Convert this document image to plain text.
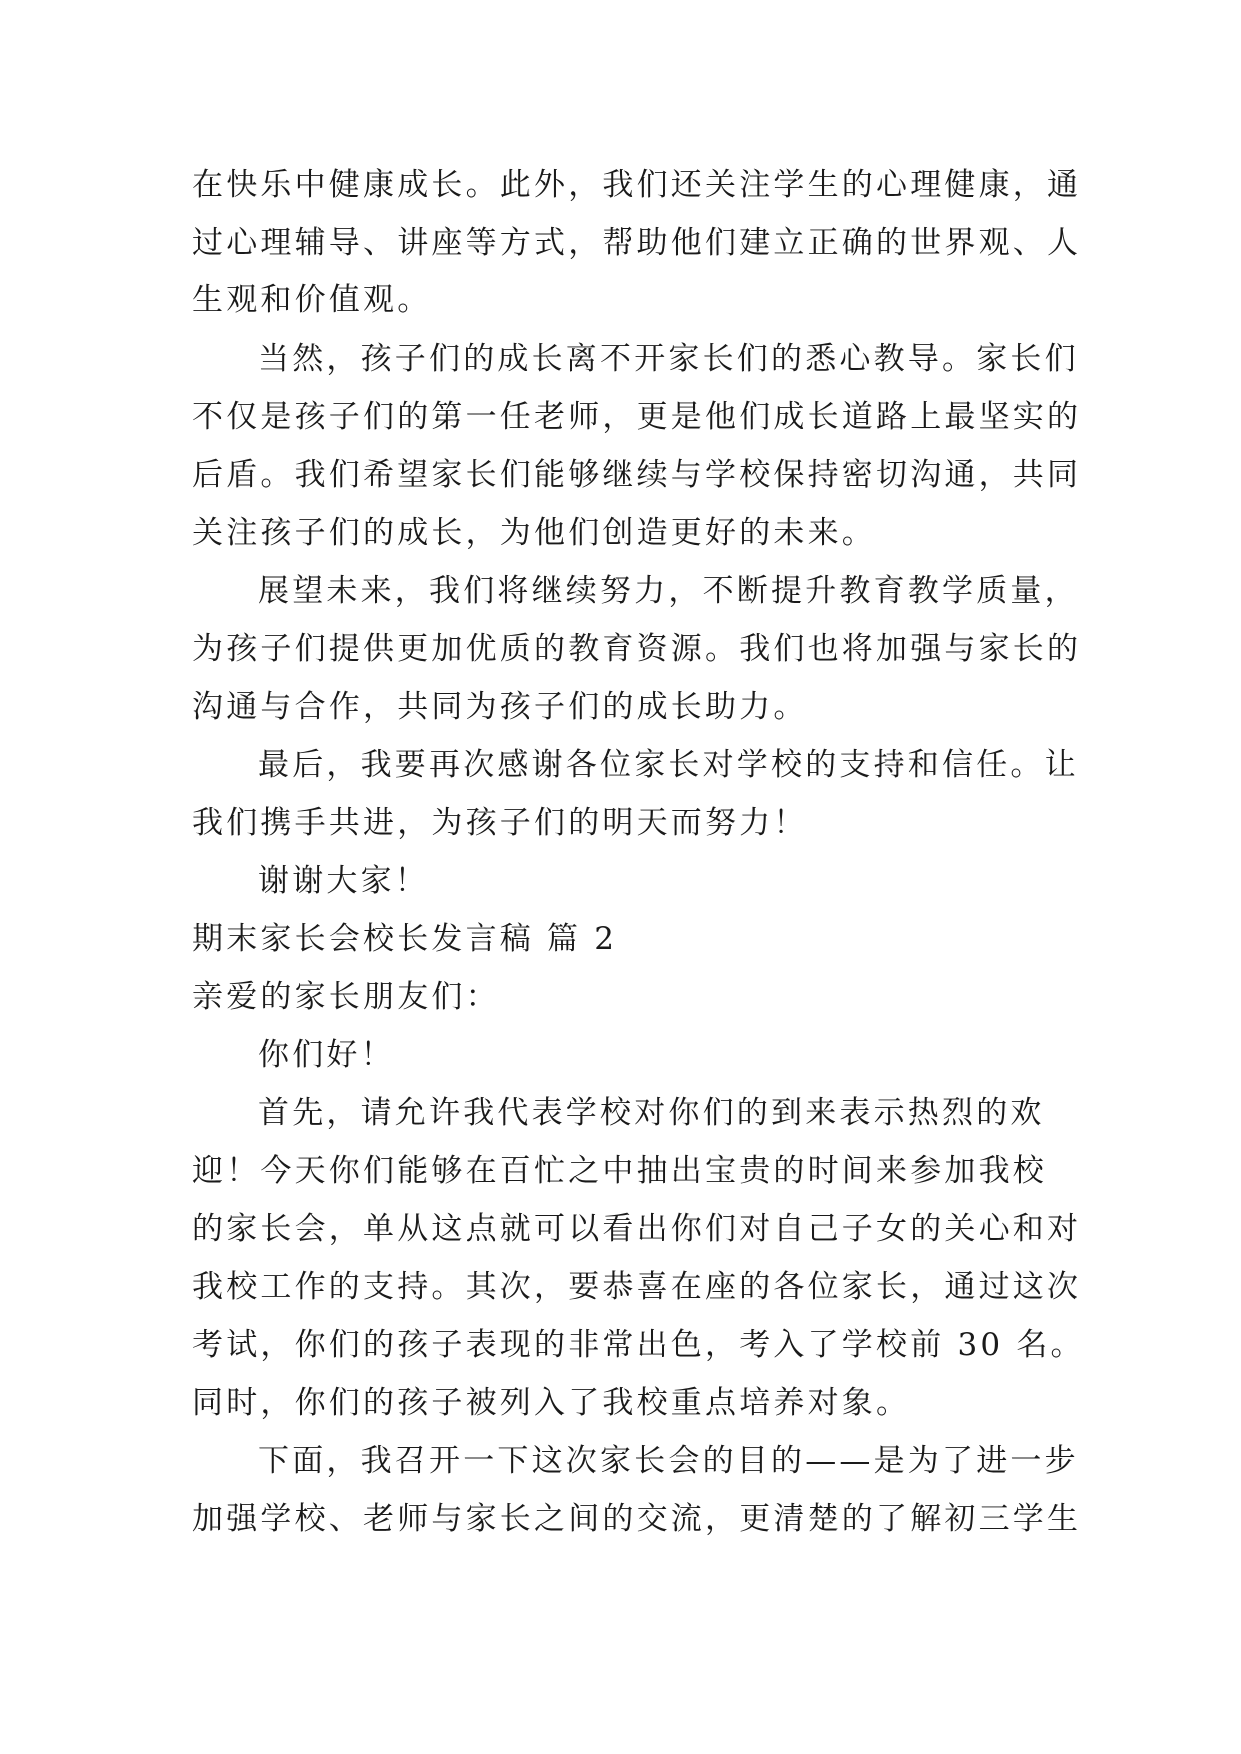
在快乐中健康成长。此外，我们还关注学生的心理健康，通
过心理辅导、讲座等方式，帮助他们建立正确的世界观、人
生观和价值观。
当然，孩子们的成长离不开家长们的悉心教导。家长们
不仅是孩子们的第一任老师，更是他们成长道路上最坚实的
后盾。我们希望家长们能够继续与学校保持密切沟通，共同
关注孩子们的成长，为他们创造更好的未来。
展望未来，我们将继续努力，不断提升教育教学质量，
为孩子们提供更加优质的教育资源。我们也将加强与家长的
沟通与合作，共同为孩子们的成长助力。
最后，我要再次感谢各位家长对学校的支持和信任。让
我们携手共进，为孩子们的明天而努力！
谢谢大家！
期末家长会校长发言稿 篇 2
亲爱的家长朋友们：
你们好！
首先，请允许我代表学校对你们的到来表示热烈的欢
迎！今天你们能够在百忙之中抽出宝贵的时间来参加我校
的家长会，单从这点就可以看出你们对自己子女的关心和对
我校工作的支持。其次，要恭喜在座的各位家长，通过这次
考试，你们的孩子表现的非常出色，考入了学校前 30 名。
同时，你们的孩子被列入了我校重点培养对象。
下面，我召开一下这次家长会的目的——是为了进一步
加强学校、老师与家长之间的交流，更清楚的了解初三学生
